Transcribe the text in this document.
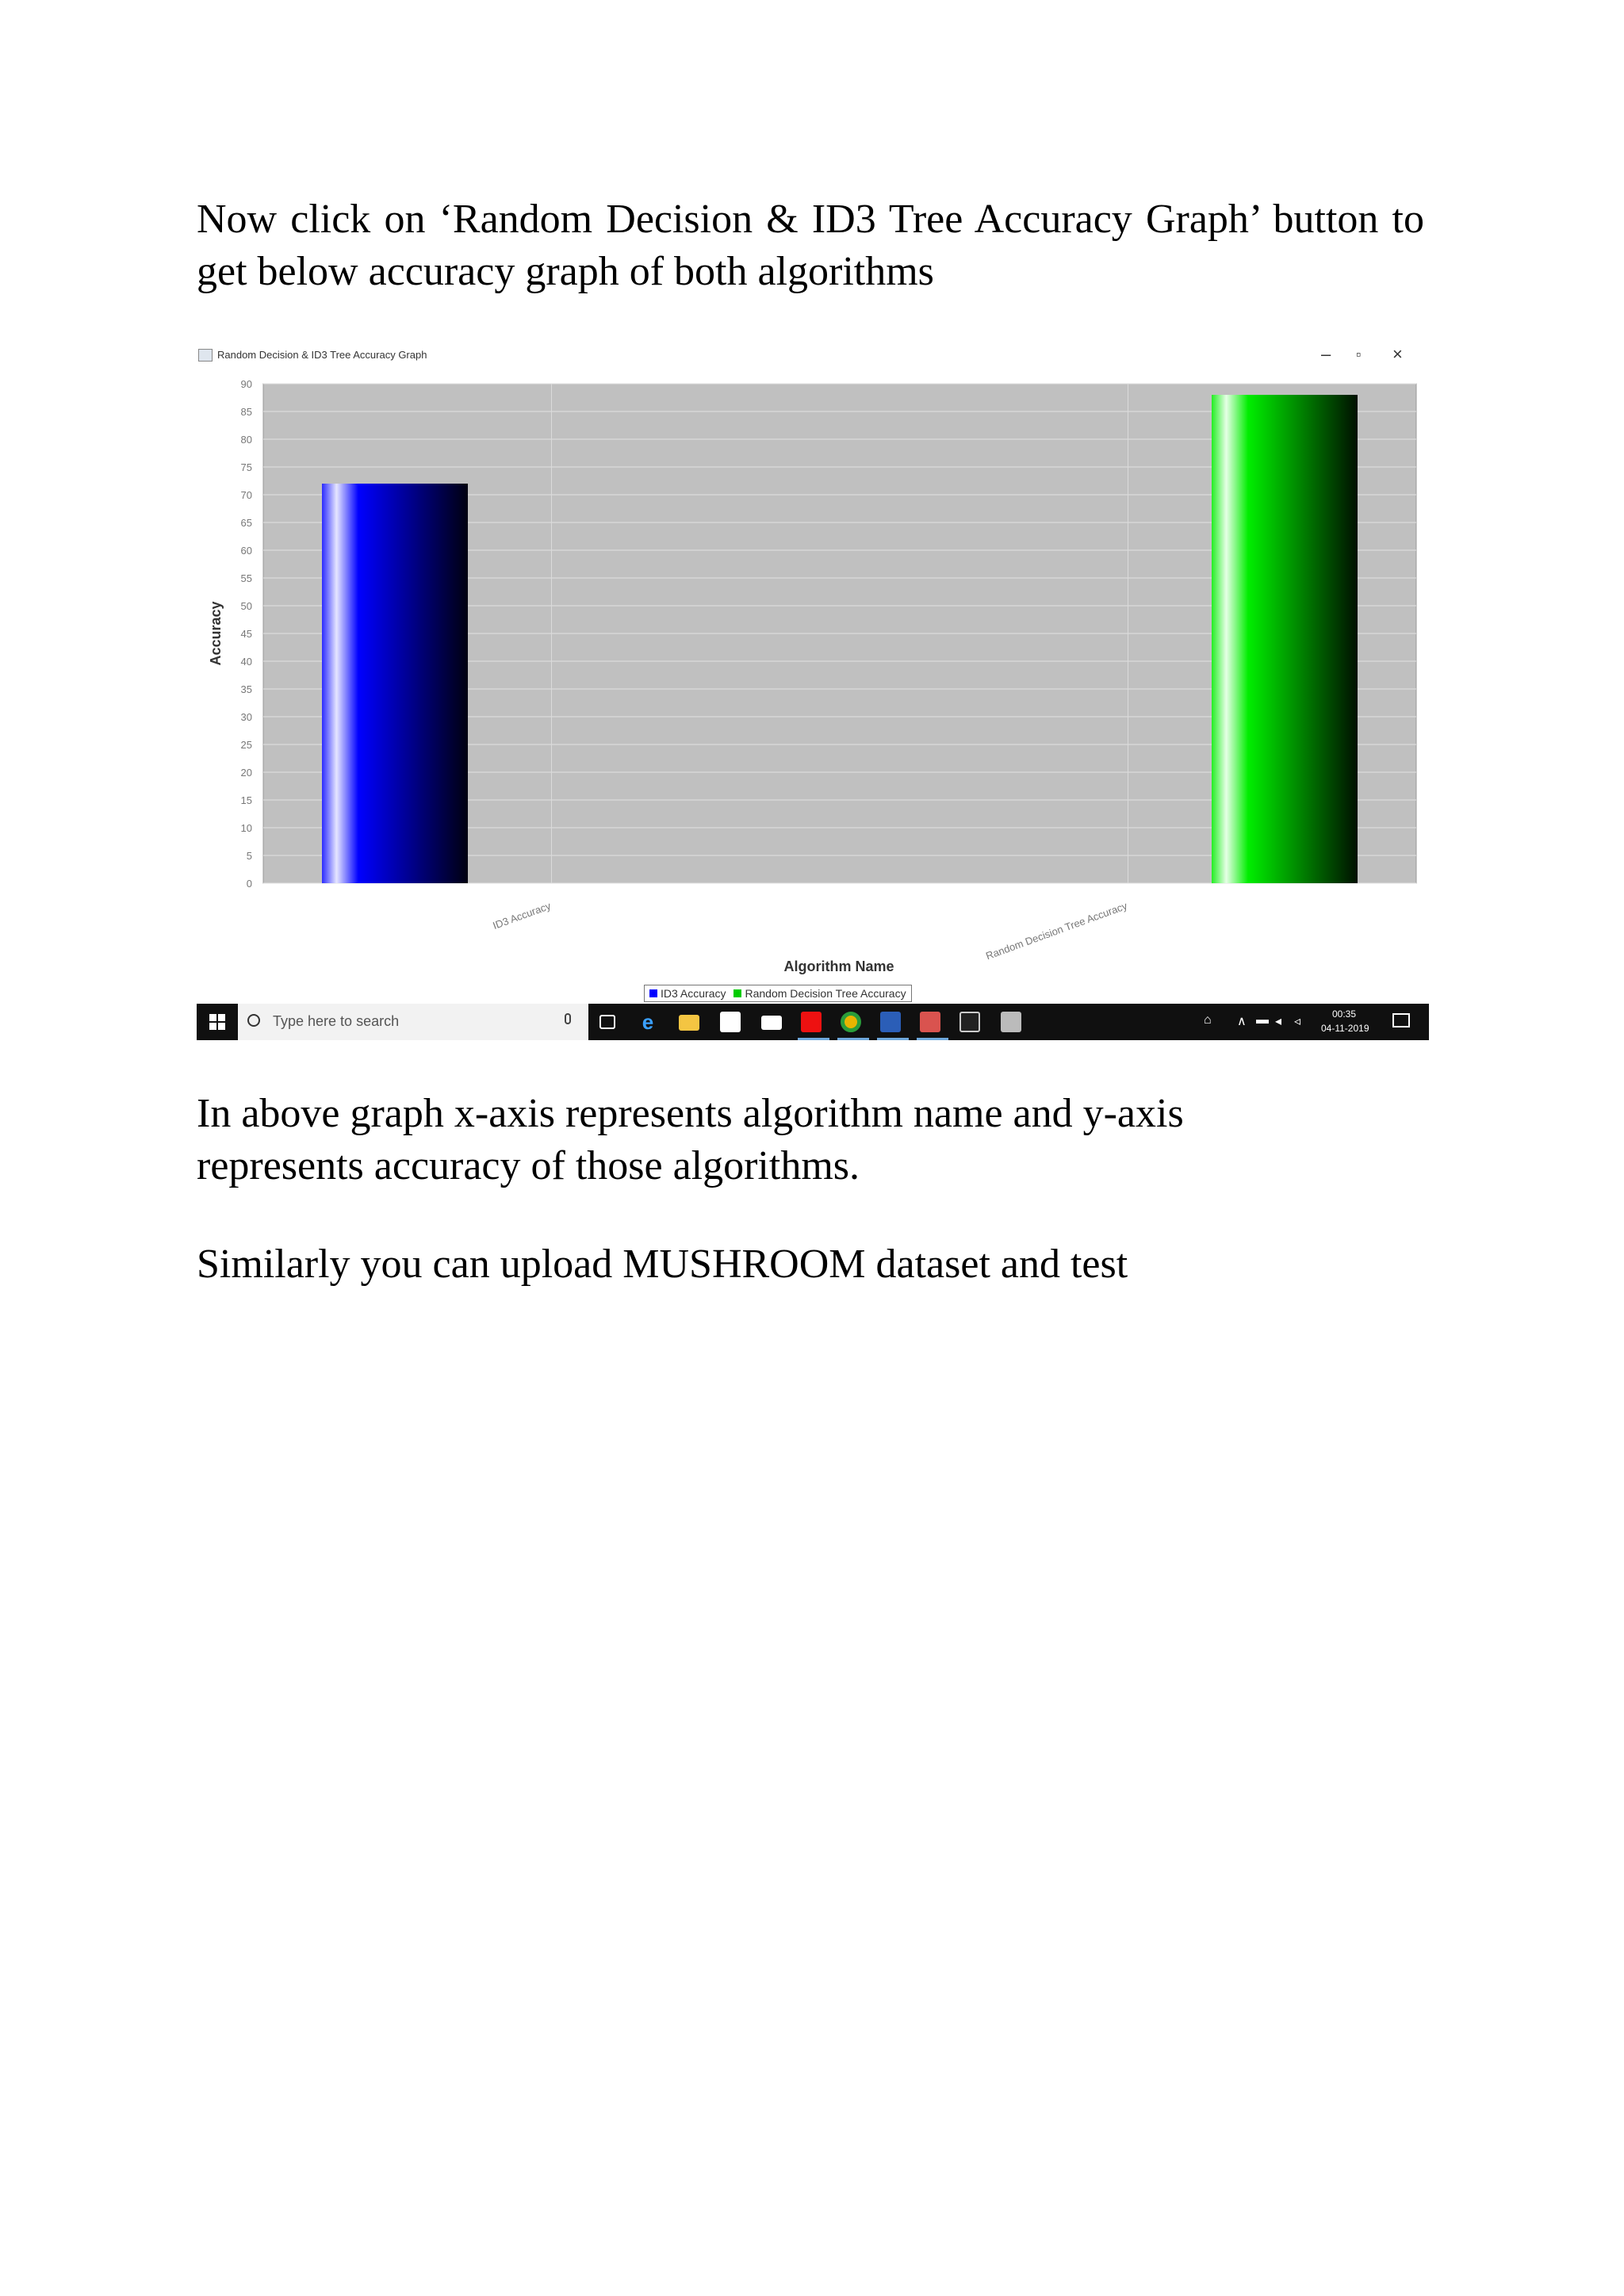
Now click on ‘Random Decision & ID3 Tree Accuracy Graph’ button to get below accuracy graph of both algorithms

Random Decision & ID3 Tree Accuracy Graph	– ▫ ×
0
5
10
15
20
25
30
35
40
45
50
55
60
65
70
75
80
85
90
Accuracy
ID3 Accuracy	Random Decision Tree Accuracy
Algorithm Name
ID3 Accuracy Random Decision Tree Accuracy
Type here to search	e	⌂ ∧ ▬ ◂ ◃
00:35
04-11-2019

In above graph x-axis represents algorithm name and y-axis represents accuracy of those algorithms.

Similarly you can upload MUSHROOM dataset and test
